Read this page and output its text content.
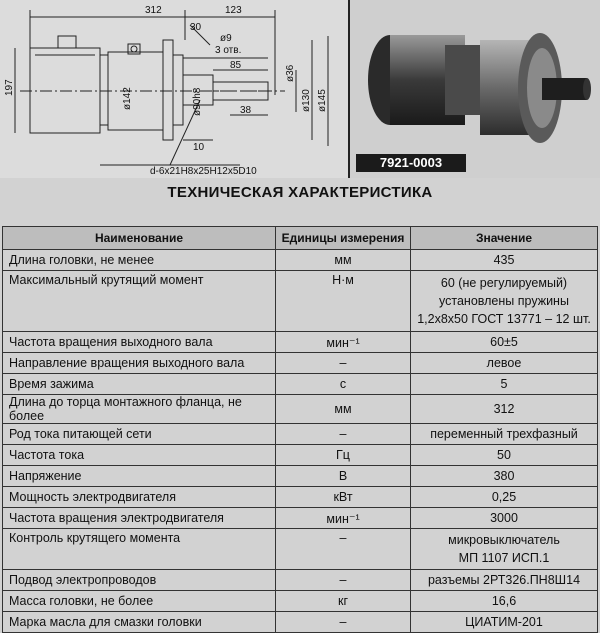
312	123
30
ø9
3 отв.
85
38
10
d-6x21H8x25H12x5D10
197	ø142	ø90h8
ø36
ø130 ø145
7921-0003
ТЕХНИЧЕСКАЯ ХАРАКТЕРИСТИКА
Наименование	Единицы измерения	Значение
Длина головки, не менее	мм	435
Максимальный крутящий момент	Н·м	60 (не регулируемый)
установлены пружины
1,2х8х50 ГОСТ 13771 – 12 шт.

Частота вращения выходного вала	мин⁻¹	60±5
Направление вращения выходного вала	–	левое
Время зажима	с	5
Длина до торца монтажного фланца, не более	мм	312
Род тока питающей сети	–	переменный трехфазный
Частота тока	Гц	50
Напряжение	В	380
Мощность электродвигателя	кВт	0,25
Частота вращения электродвигателя	мин⁻¹	3000
Контроль крутящего момента	–	микровыключатель
МП 1107 ИСП.1

Подвод электропроводов	–	разъемы 2РТ326.ПН8Ш14
Масса головки, не более	кг	16,6
Марка масла для смазки головки	–	ЦИАТИМ-201
